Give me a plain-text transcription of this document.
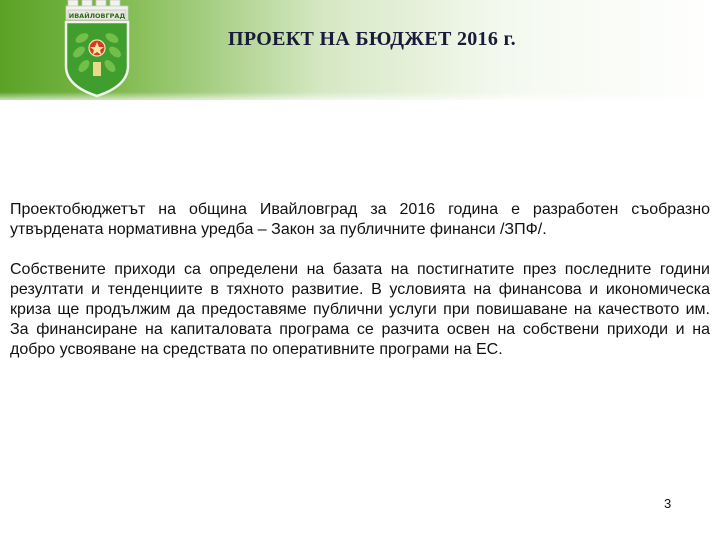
ИВАЙЛОВГРАД
ПРОЕКТ НА БЮДЖЕТ 2016 г.

Проектобюджетът на община Ивайловград за 2016 година е разработен съобразно утвърдената нормативна уредба – Закон за публичните финанси /ЗПФ/.

Собствените приходи са определени на базата на постигнатите през последните години резултати и тенденциите в тяхното развитие. В условията на финансова и икономическа криза ще продължим да предоставяме публични услуги при повишаване на качеството им. За финансиране на капиталовата програма се разчита освен на собствени приходи и на добро усвояване на средствата по оперативните програми на ЕС.

3
